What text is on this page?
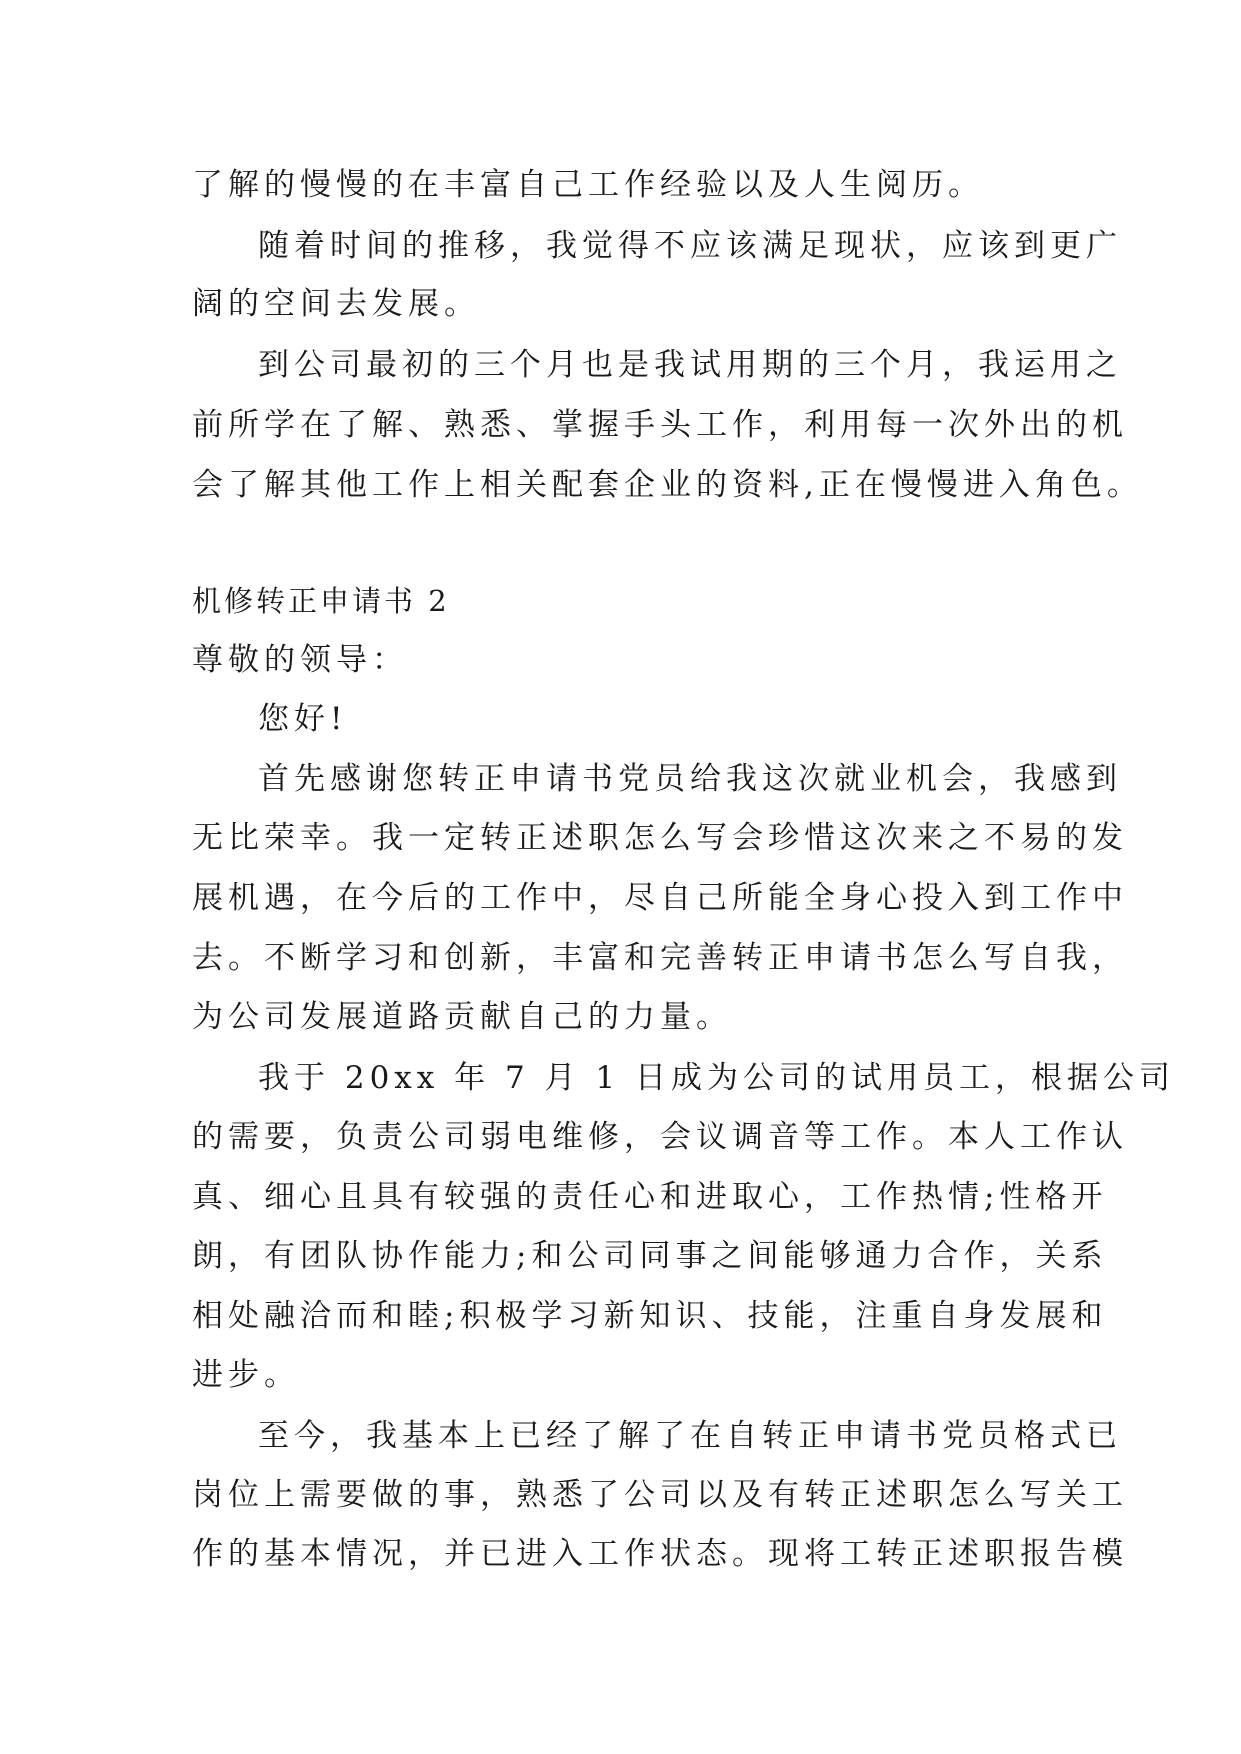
了解的慢慢的在丰富自己工作经验以及人生阅历。
随着时间的推移，我觉得不应该满足现状，应该到更广
阔的空间去发展。
到公司最初的三个月也是我试用期的三个月，我运用之
前所学在了解、熟悉、掌握手头工作，利用每一次外出的机
会了解其他工作上相关配套企业的资料,正在慢慢进入角色。
机修转正申请书 2
尊敬的领导：
您好!
首先感谢您转正申请书党员给我这次就业机会，我感到
无比荣幸。我一定转正述职怎么写会珍惜这次来之不易的发
展机遇，在今后的工作中，尽自己所能全身心投入到工作中
去。不断学习和创新，丰富和完善转正申请书怎么写自我，
为公司发展道路贡献自己的力量。
我于 20xx 年 7 月 1 日成为公司的试用员工，根据公司
的需要，负责公司弱电维修，会议调音等工作。本人工作认
真、细心且具有较强的责任心和进取心，工作热情;性格开
朗，有团队协作能力;和公司同事之间能够通力合作，关系
相处融洽而和睦;积极学习新知识、技能，注重自身发展和
进步。
至今，我基本上已经了解了在自转正申请书党员格式已
岗位上需要做的事，熟悉了公司以及有转正述职怎么写关工
作的基本情况，并已进入工作状态。现将工转正述职报告模
